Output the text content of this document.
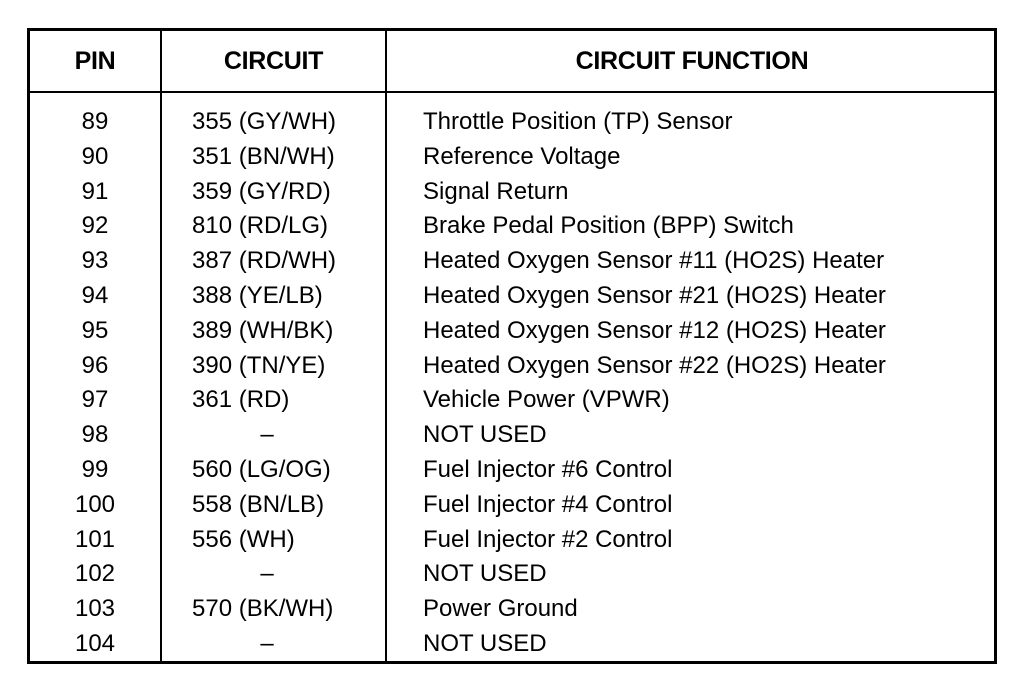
PIN	CIRCUIT	CIRCUIT FUNCTION
89	355 (GY/WH)	Throttle Position (TP) Sensor
90	351 (BN/WH)	Reference Voltage
91	359 (GY/RD)	Signal Return
92	810 (RD/LG)	Brake Pedal Position (BPP) Switch
93	387 (RD/WH)	Heated Oxygen Sensor #11 (HO2S) Heater
94	388 (YE/LB)	Heated Oxygen Sensor #21 (HO2S) Heater
95	389 (WH/BK)	Heated Oxygen Sensor #12 (HO2S) Heater
96	390 (TN/YE)	Heated Oxygen Sensor #22 (HO2S) Heater
97	361 (RD)	Vehicle Power (VPWR)
98	–	NOT USED
99	560 (LG/OG)	Fuel Injector #6 Control
100	558 (BN/LB)	Fuel Injector #4 Control
101	556 (WH)	Fuel Injector #2 Control
102	–	NOT USED
103	570 (BK/WH)	Power Ground
104	–	NOT USED
